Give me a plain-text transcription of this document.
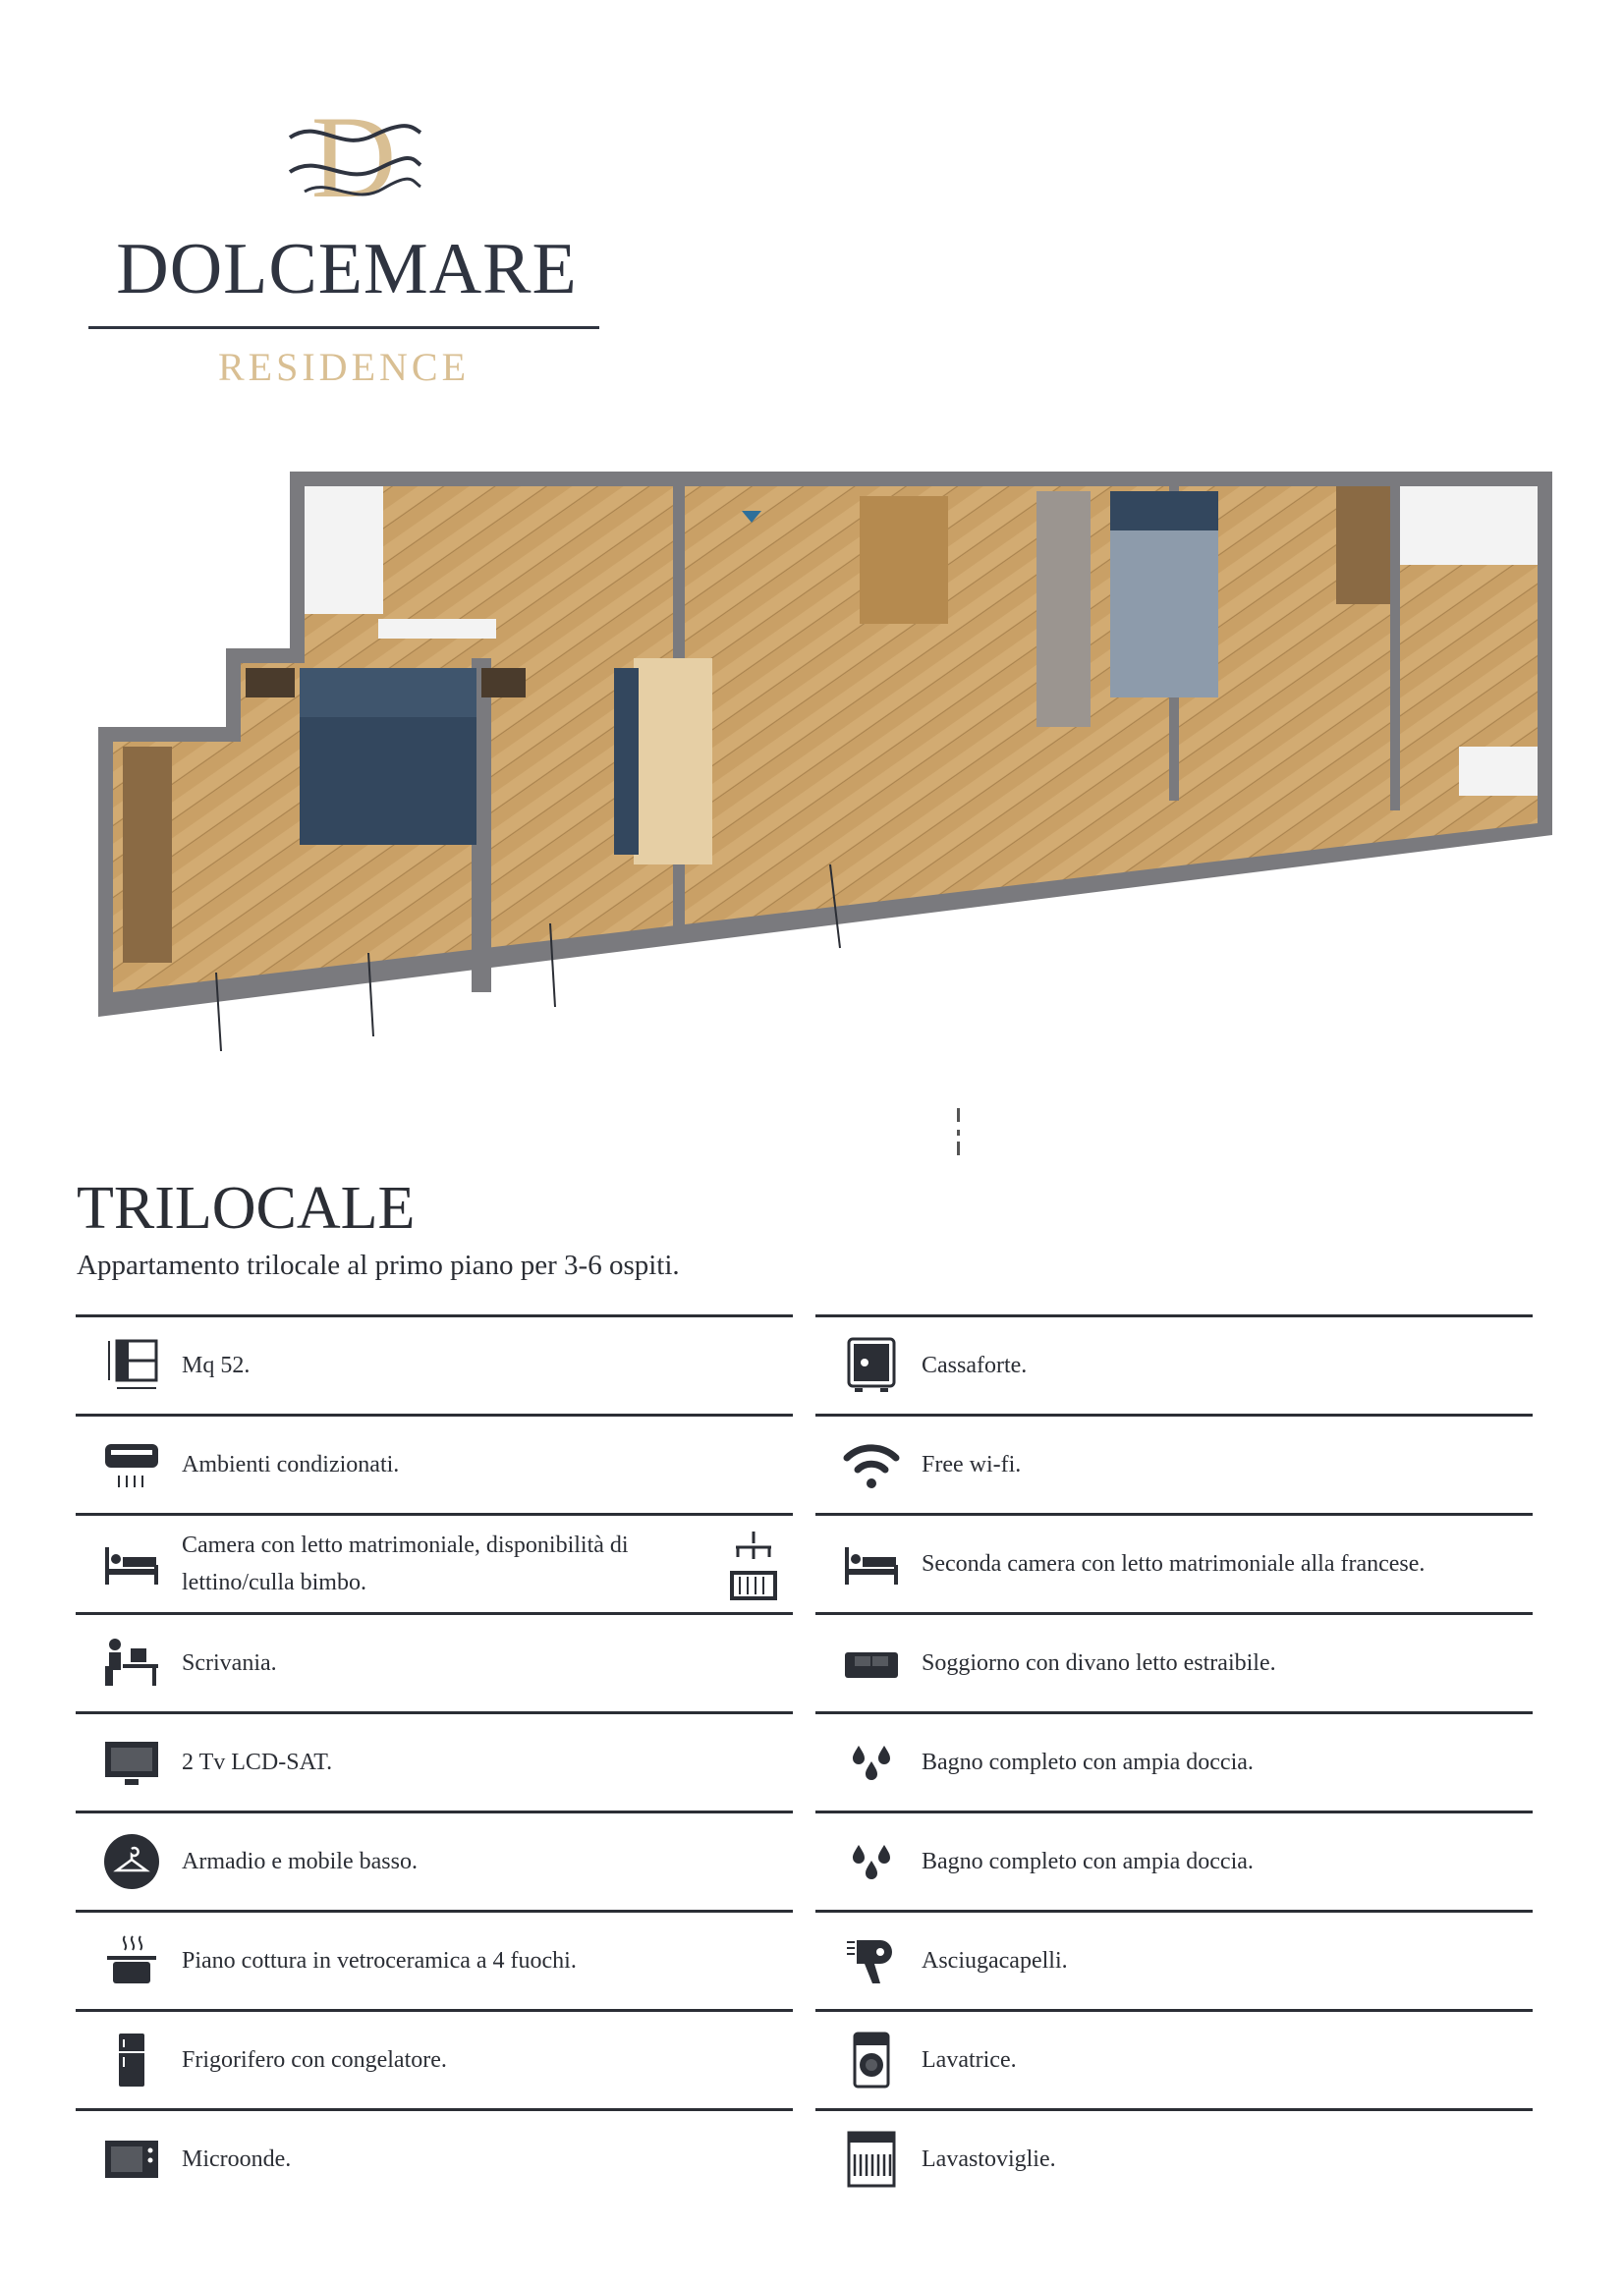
D
DOLCEMARE
RESIDENCE
TRILOCALE
Appartamento trilocale al primo piano per 3-6 ospiti.
Mq 52.
Ambienti condizionati.
Camera con letto matrimoniale, disponibilità di lettino/culla bimbo.
Scrivania.
2 Tv LCD-SAT.
Armadio e mobile basso.
Piano cottura in vetroceramica a 4 fuochi.
Frigorifero con congelatore.
Microonde.
Cassaforte.
Free wi-fi.
Seconda camera con letto matrimoniale alla francese.
Soggiorno con divano letto estraibile.
Bagno completo con ampia doccia.
Bagno completo con ampia doccia.
Asciugacapelli.
Lavatrice.
Lavastoviglie.
